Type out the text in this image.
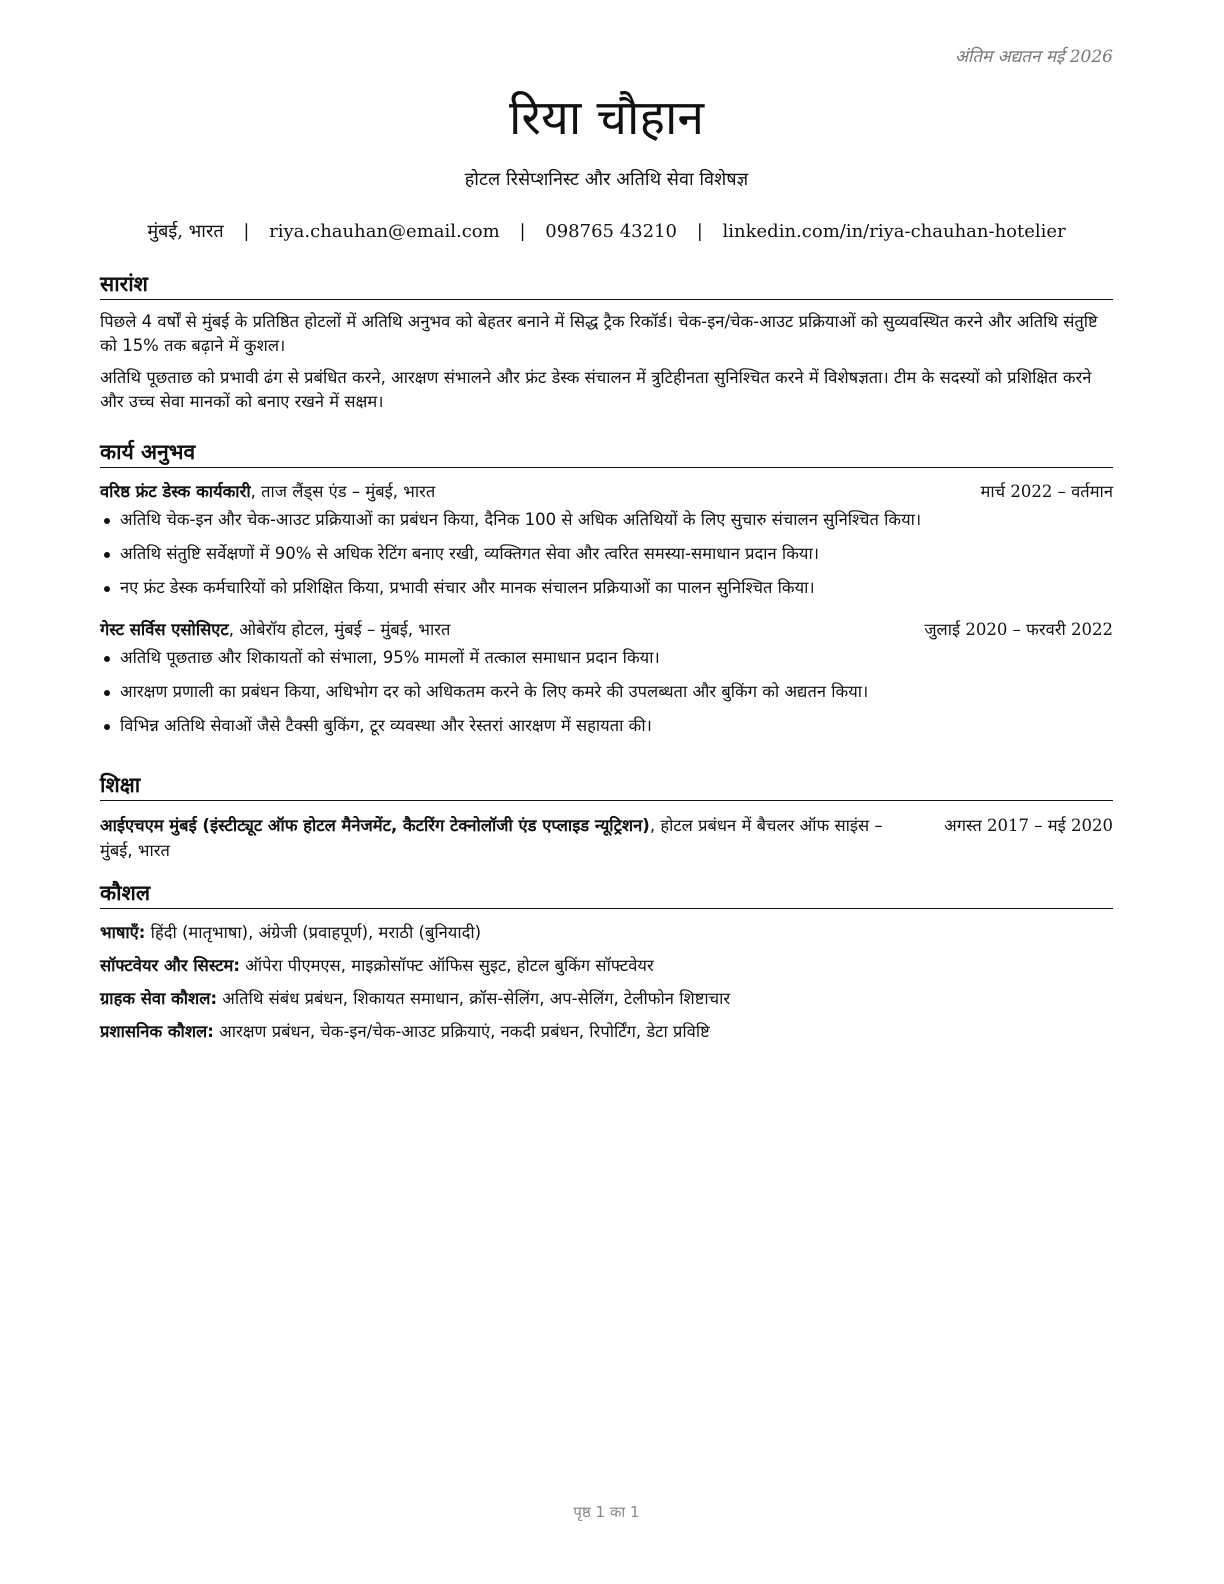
अंतिम अद्यतन मई 2026
रिया चौहान
होटल रिसेप्शनिस्ट और अतिथि सेवा विशेषज्ञ
मुंबई, भारत | riya.chauhan@email.com | 098765 43210 | linkedin.com/in/riya-chauhan-hotelier
सारांश

पिछले 4 वर्षों से मुंबई के प्रतिष्ठित होटलों में अतिथि अनुभव को बेहतर बनाने में सिद्ध ट्रैक रिकॉर्ड। चेक-इन/चेक-आउट प्रक्रियाओं को सुव्यवस्थित करने और अतिथि संतुष्टि को 15% तक बढ़ाने में कुशल।

अतिथि पूछताछ को प्रभावी ढंग से प्रबंधित करने, आरक्षण संभालने और फ्रंट डेस्क संचालन में त्रुटिहीनता सुनिश्चित करने में विशेषज्ञता। टीम के सदस्यों को प्रशिक्षित करने और उच्च सेवा मानकों को बनाए रखने में सक्षम।

कार्य अनुभव
वरिष्ठ फ्रंट डेस्क कार्यकारी, ताज लैंड्स एंड – मुंबई, भारत	मार्च 2022 – वर्तमान
अतिथि चेक-इन और चेक-आउट प्रक्रियाओं का प्रबंधन किया, दैनिक 100 से अधिक अतिथियों के लिए सुचारु संचालन सुनिश्चित किया।
अतिथि संतुष्टि सर्वेक्षणों में 90% से अधिक रेटिंग बनाए रखी, व्यक्तिगत सेवा और त्वरित समस्या-समाधान प्रदान किया।
नए फ्रंट डेस्क कर्मचारियों को प्रशिक्षित किया, प्रभावी संचार और मानक संचालन प्रक्रियाओं का पालन सुनिश्चित किया।
गेस्ट सर्विस एसोसिएट, ओबेरॉय होटल, मुंबई – मुंबई, भारत	जुलाई 2020 – फरवरी 2022
अतिथि पूछताछ और शिकायतों को संभाला, 95% मामलों में तत्काल समाधान प्रदान किया।
आरक्षण प्रणाली का प्रबंधन किया, अधिभोग दर को अधिकतम करने के लिए कमरे की उपलब्धता और बुकिंग को अद्यतन किया।
विभिन्न अतिथि सेवाओं जैसे टैक्सी बुकिंग, टूर व्यवस्था और रेस्तरां आरक्षण में सहायता की।
शिक्षा
आईएचएम मुंबई (इंस्टीट्यूट ऑफ होटल मैनेजमेंट, कैटरिंग टेक्नोलॉजी एंड एप्लाइड न्यूट्रिशन), होटल प्रबंधन में बैचलर ऑफ साइंस – मुंबई, भारत
अगस्त 2017 – मई 2020
कौशल
भाषाएँ: हिंदी (मातृभाषा), अंग्रेजी (प्रवाहपूर्ण), मराठी (बुनियादी)
सॉफ्टवेयर और सिस्टम: ऑपेरा पीएमएस, माइक्रोसॉफ्ट ऑफिस सुइट, होटल बुकिंग सॉफ्टवेयर
ग्राहक सेवा कौशल: अतिथि संबंध प्रबंधन, शिकायत समाधान, क्रॉस-सेलिंग, अप-सेलिंग, टेलीफोन शिष्टाचार
प्रशासनिक कौशल: आरक्षण प्रबंधन, चेक-इन/चेक-आउट प्रक्रियाएं, नकदी प्रबंधन, रिपोर्टिंग, डेटा प्रविष्टि
पृष्ठ 1 का 1
